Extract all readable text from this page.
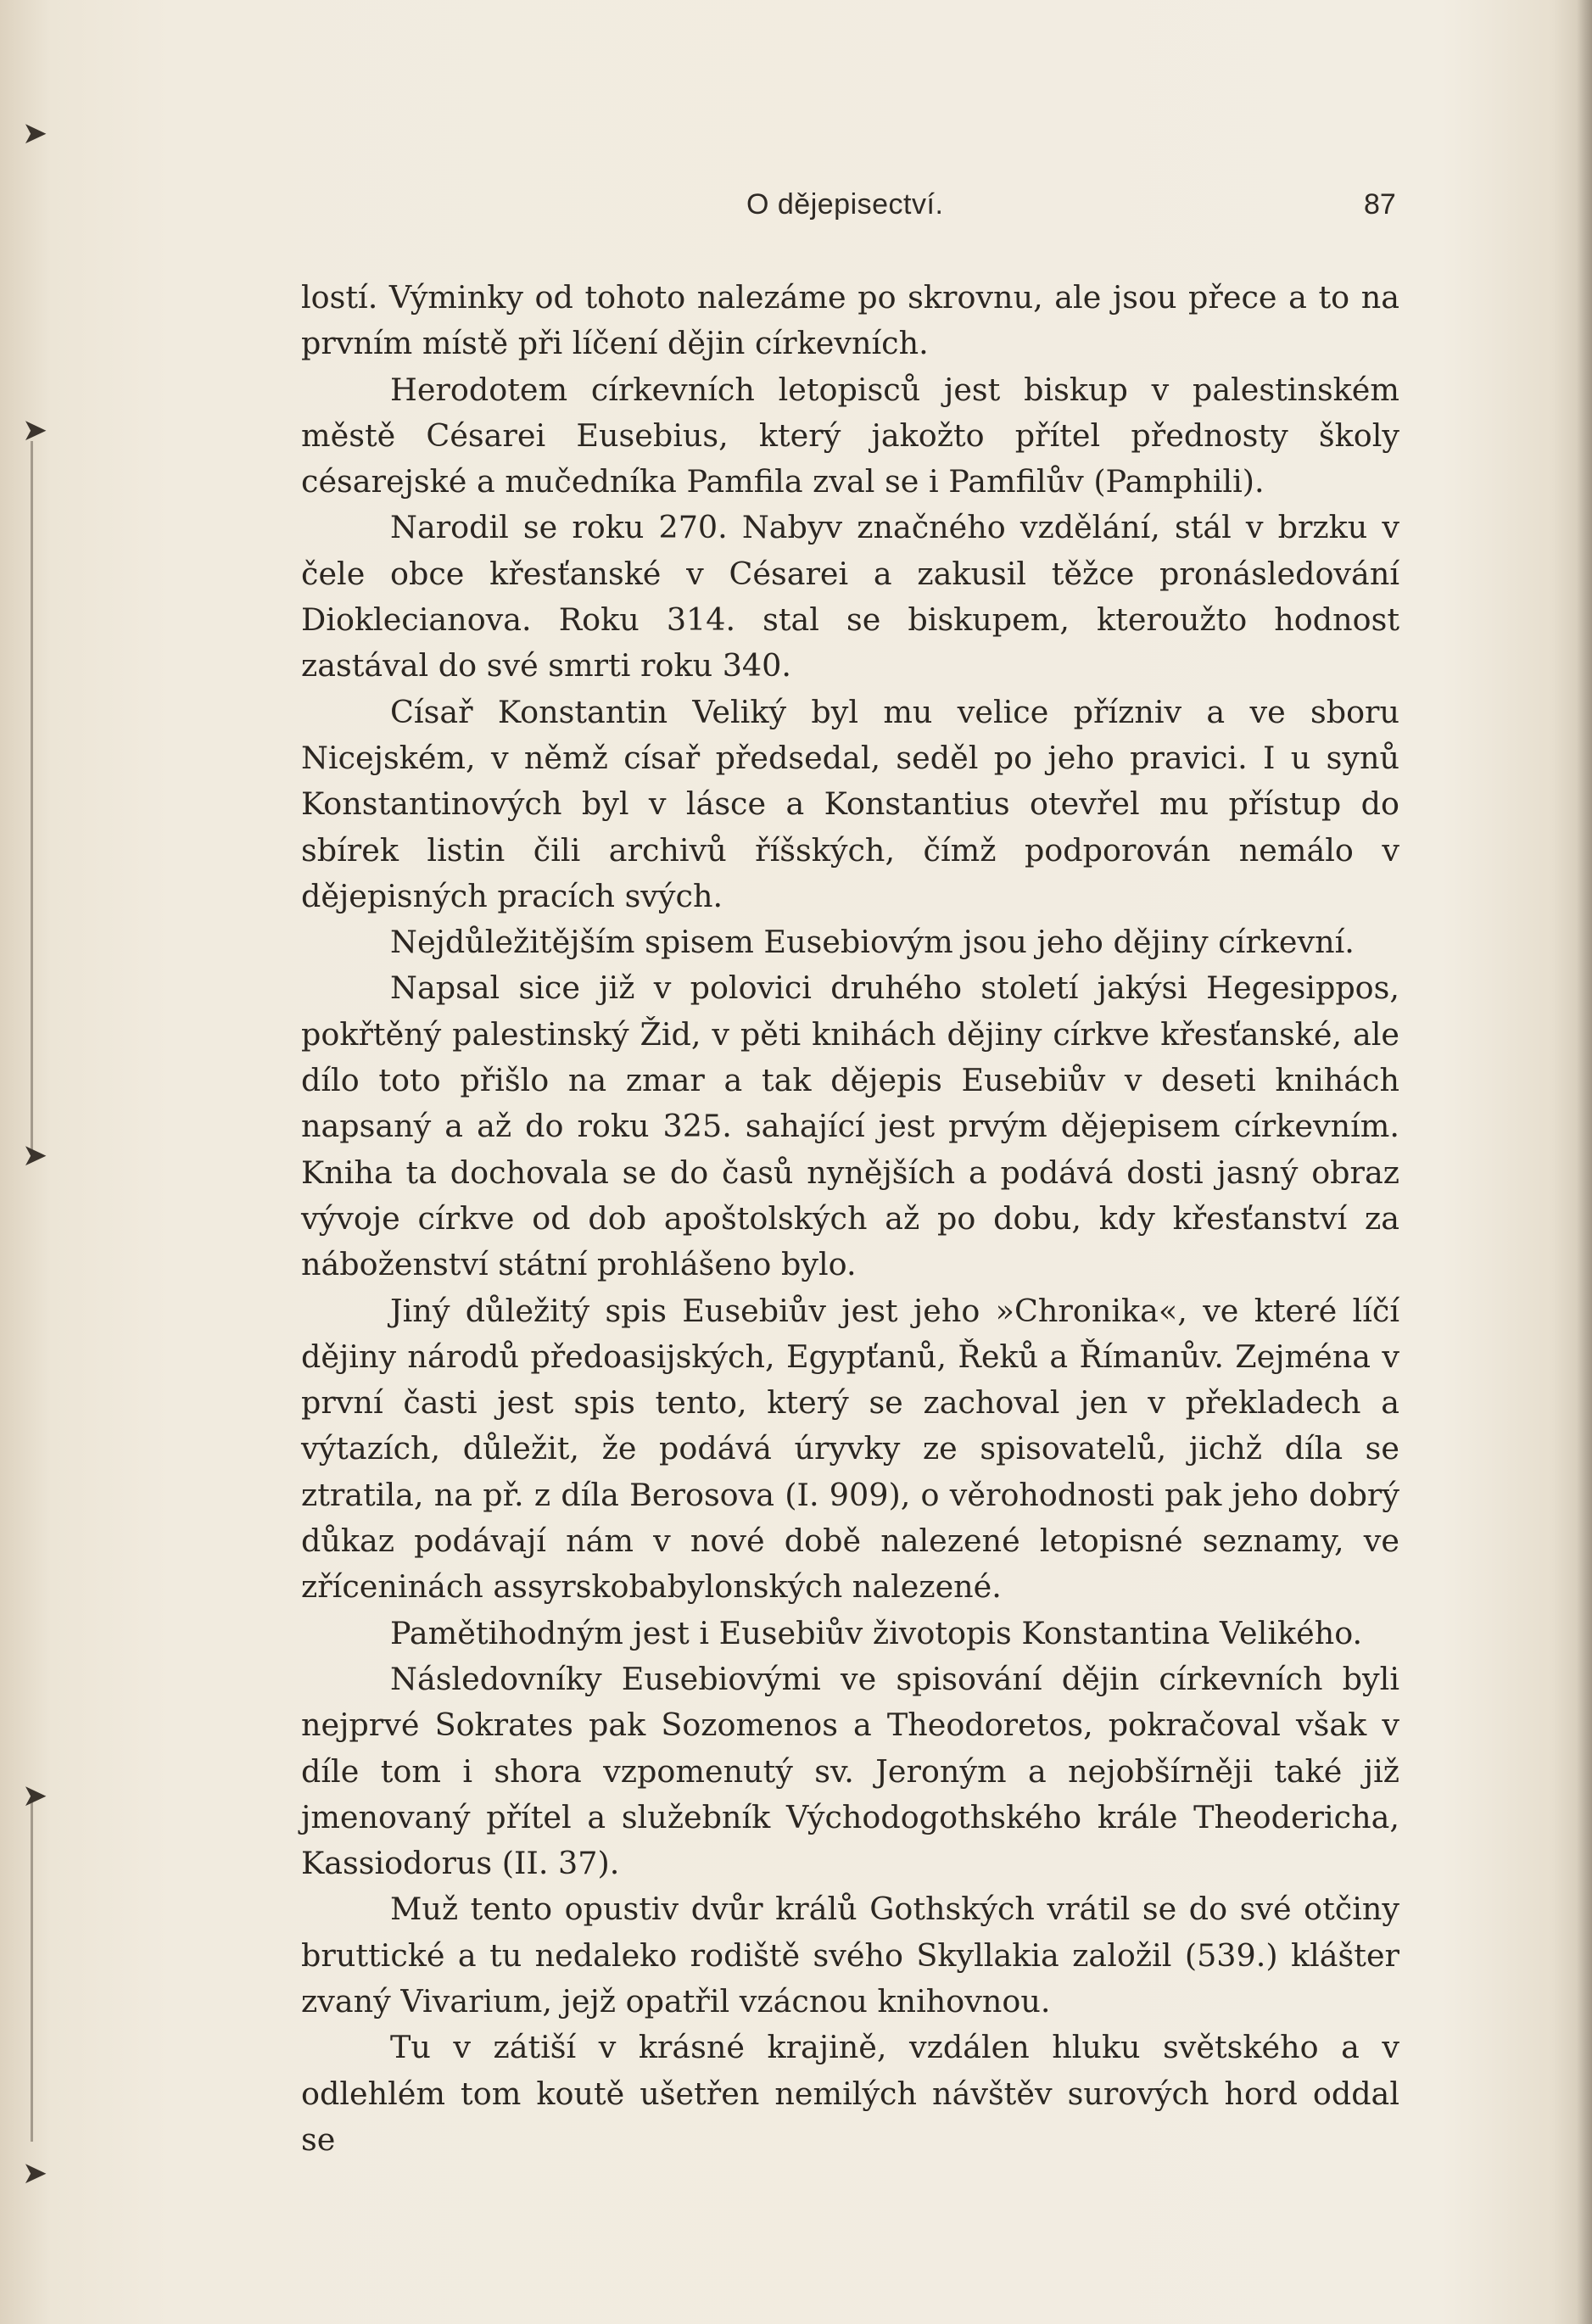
➤
➤
➤
➤
➤
O dějepisectví.	87

lostí. Výminky od tohoto nalezáme po skrovnu, ale jsou přece a to na prvním místě při líčení dějin církevních.

Herodotem církevních letopisců jest biskup v palestinském městě Césarei Eusebius, který jakožto přítel přednosty školy césarejské a mučedníka Pamfila zval se i Pamfilův (Pamphili).

Narodil se roku 270. Nabyv značného vzdělání, stál v brzku v čele obce křesťanské v Césarei a zakusil těžce pronásledování Dioklecianova. Roku 314. stal se biskupem, kteroužto hodnost zastával do své smrti roku 340.

Císař Konstantin Veliký byl mu velice přízniv a ve sboru Nicejském, v němž císař předsedal, seděl po jeho pravici. I u synů Konstantinových byl v lásce a Konstantius otevřel mu přístup do sbírek listin čili archivů říšských, čímž podporován nemálo v dějepisných pracích svých.

Nejdůležitějším spisem Eusebiovým jsou jeho dějiny církevní.

Napsal sice již v polovici druhého století jakýsi Hegesippos, pokřtěný palestinský Žid, v pěti knihách dějiny církve křesťanské, ale dílo toto přišlo na zmar a tak dějepis Eusebiův v deseti knihách napsaný a až do roku 325. sahající jest prvým dějepisem církevním. Kniha ta dochovala se do časů nynějších a podává dosti jasný obraz vývoje církve od dob apoštolských až po dobu, kdy křesťanství za náboženství státní prohlášeno bylo.

Jiný důležitý spis Eusebiův jest jeho »Chronika«, ve které líčí dějiny národů předoasijských, Egypťanů, Řeků a Římanův. Zejména v první časti jest spis tento, který se zachoval jen v překladech a výtazích, důležit, že podává úryvky ze spisovatelů, jichž díla se ztratila, na př. z díla Berosova (I. 909), o věrohodnosti pak jeho dobrý důkaz podávají nám v nové době nalezené letopisné seznamy, ve zříceninách assyrskobabylonských nalezené.

Pamětihodným jest i Eusebiův životopis Konstantina Velikého.

Následovníky Eusebiovými ve spisování dějin církevních byli nejprvé Sokrates pak Sozomenos a Theodoretos, pokračoval však v díle tom i shora vzpomenutý sv. Jeroným a nejobšírněji také již jmenovaný přítel a služebník Východogothského krále Theodericha, Kassiodorus (II. 37).

Muž tento opustiv dvůr králů Gothských vrátil se do své otčiny bruttické a tu nedaleko rodiště svého Skyllakia založil (539.) klášter zvaný Vivarium, jejž opatřil vzácnou knihovnou.

Tu v zátiší v krásné krajině, vzdálen hluku světského a v odlehlém tom koutě ušetřen nemilých návštěv surových hord oddal se
